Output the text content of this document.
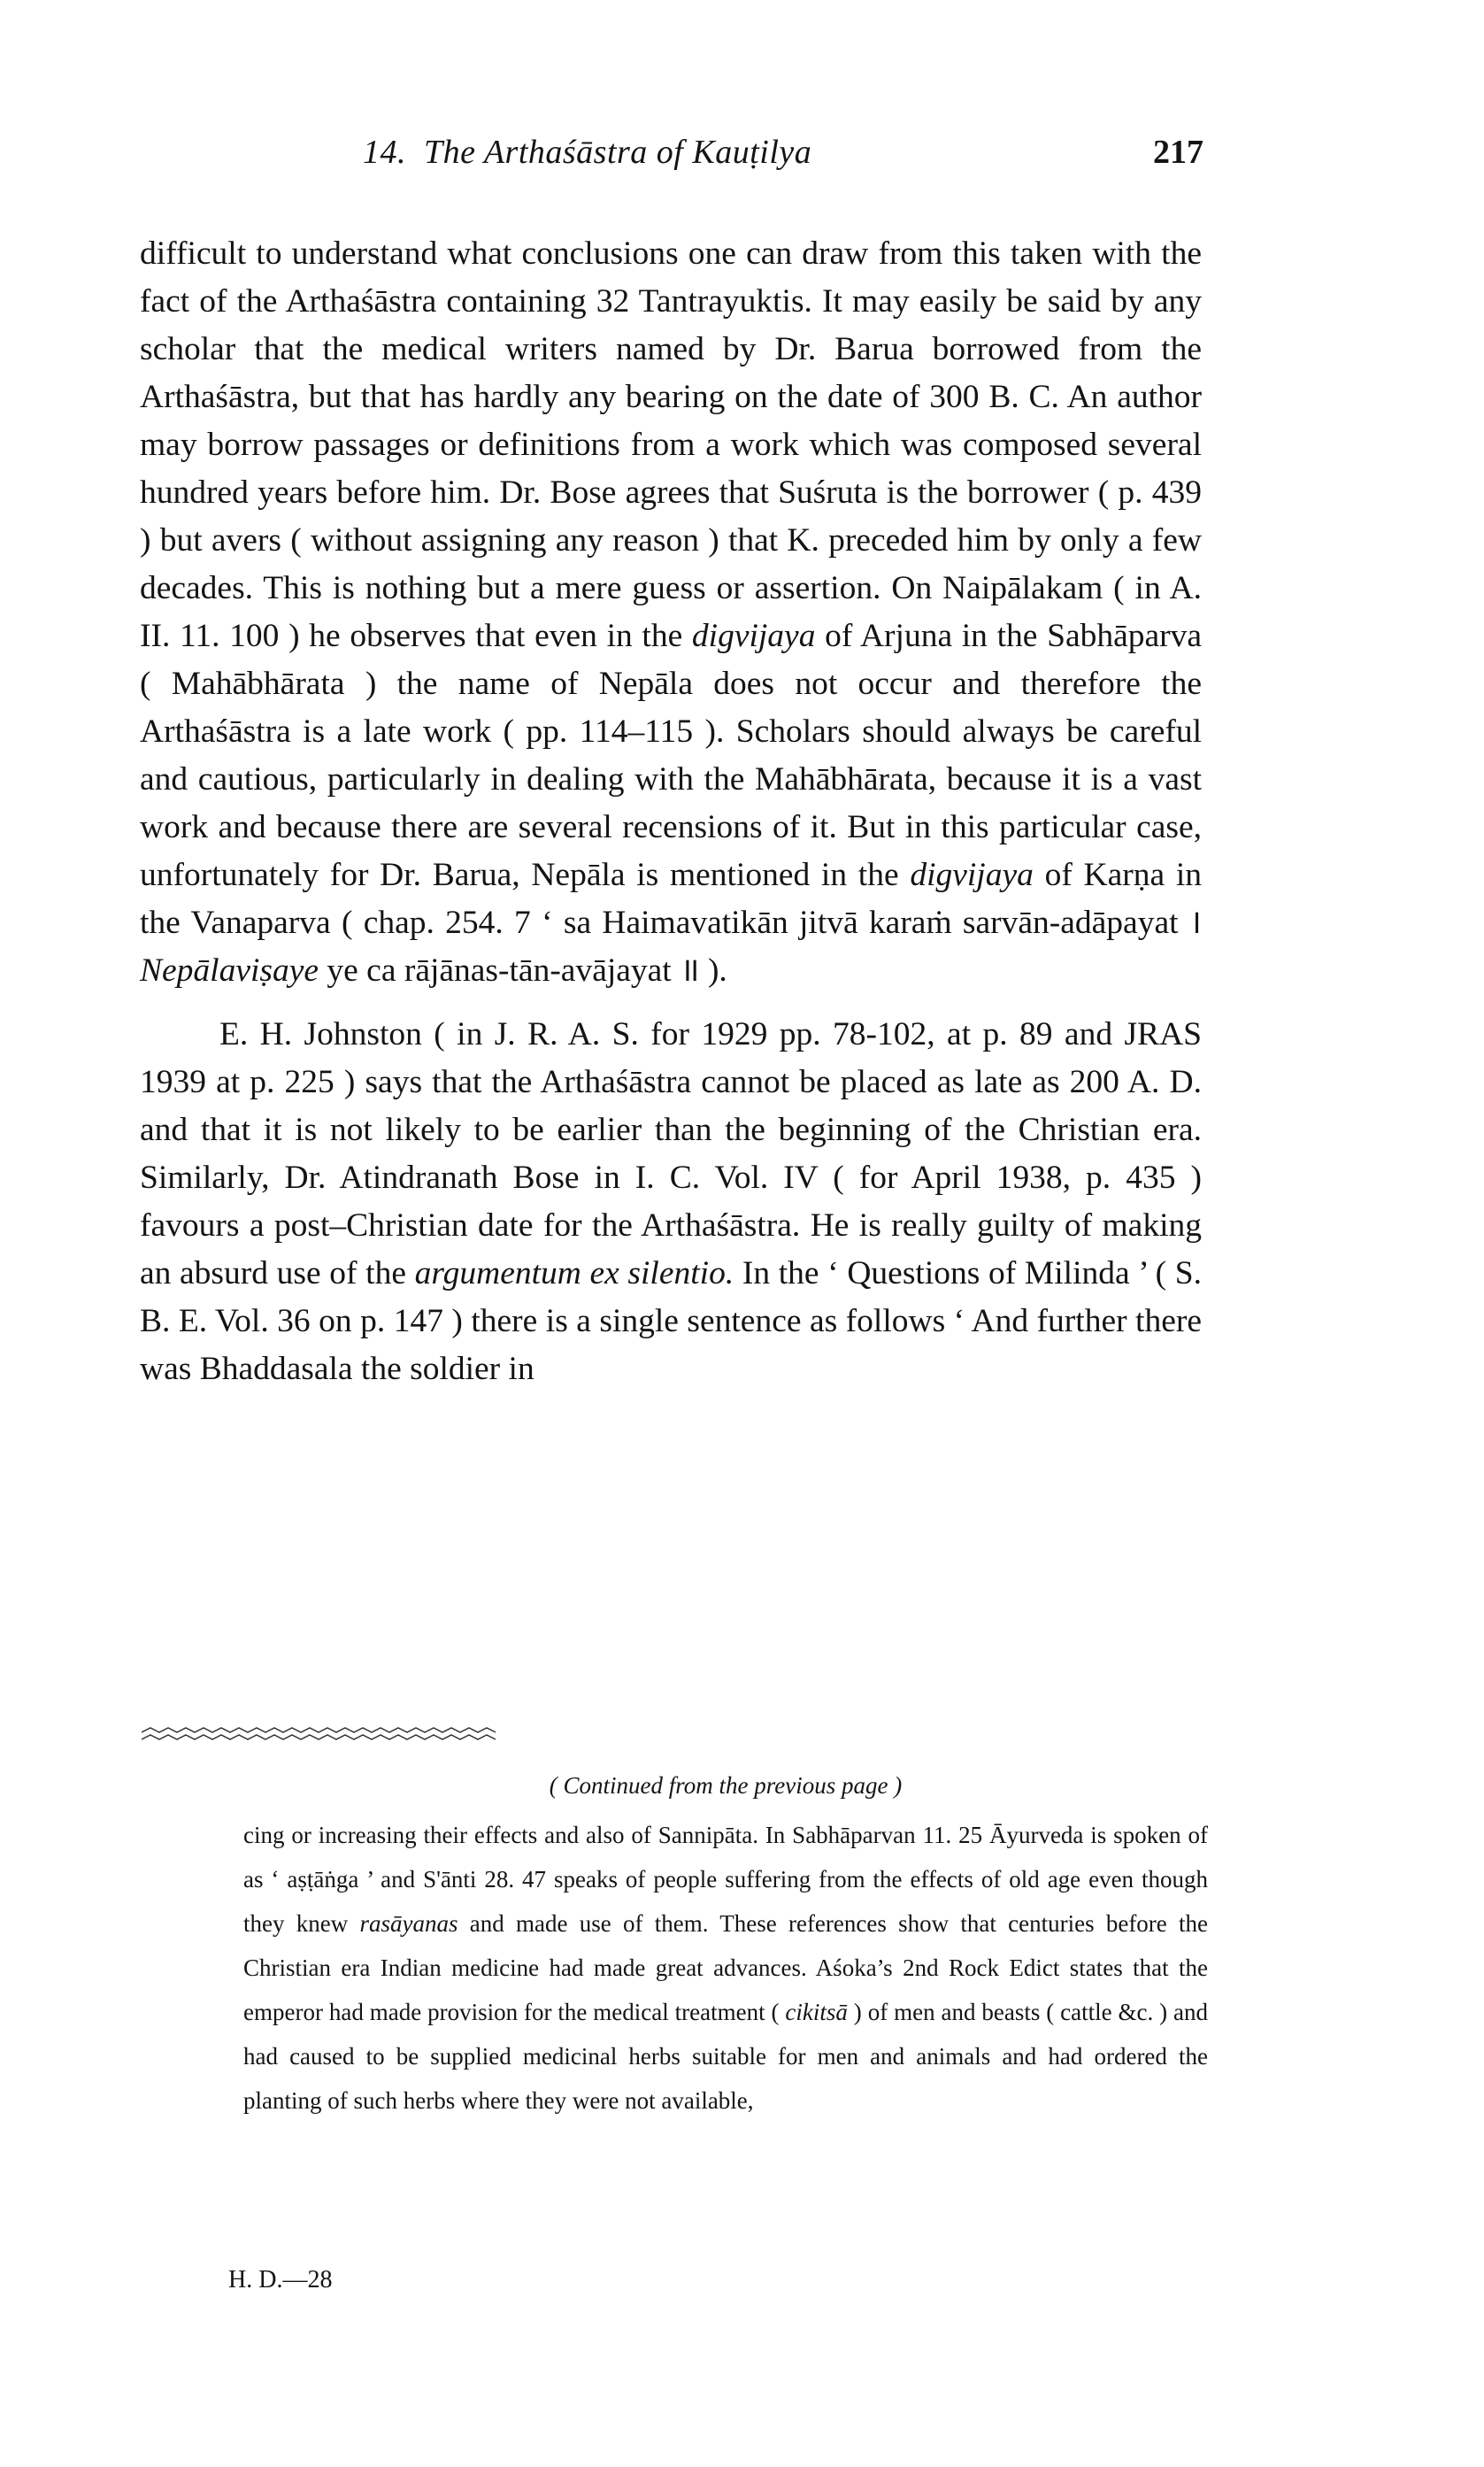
14. The Arthaśāstra of Kauṭilya	217

difficult to understand what conclusions one can draw from this taken with the fact of the Arthaśāstra containing 32 Tantrayuktis. It may easily be said by any scholar that the medical writers named by Dr. Barua borrowed from the Arthaśāstra, but that has hardly any bearing on the date of 300 B. C. An author may borrow passages or definitions from a work which was composed several hundred years before him. Dr. Bose agrees that Suśruta is the borrower ( p. 439 ) but avers ( without assigning any reason ) that K. preceded him by only a few decades. This is nothing but a mere guess or assertion. On Naipālakam ( in A. II. 11. 100 ) he observes that even in the digvijaya of Arjuna in the Sabhāparva ( Mahābhārata ) the name of Nepāla does not occur and therefore the Arthaśāstra is a late work ( pp. 114–115 ). Scholars should always be careful and cautious, particularly in dealing with the Mahābhārata, because it is a vast work and because there are several recensions of it. But in this particular case, unfortunately for Dr. Barua, Nepāla is mentioned in the digvijaya of Karṇa in the Vanaparva ( chap. 254. 7 ‘ sa Haimavatikān jitvā karaṁ sarvān-adāpayat । Nepālaviṣaye ye ca rājānas-tān-avājayat ॥ ).

E. H. Johnston ( in J. R. A. S. for 1929 pp. 78-102, at p. 89 and JRAS 1939 at p. 225 ) says that the Arthaśāstra cannot be placed as late as 200 A. D. and that it is not likely to be earlier than the beginning of the Christian era. Similarly, Dr. Atindranath Bose in I. C. Vol. IV ( for April 1938, p. 435 ) favours a post–Christian date for the Arthaśāstra. He is really guilty of making an absurd use of the argumentum ex silentio. In the ‘ Questions of Milinda ’ ( S. B. E. Vol. 36 on p. 147 ) there is a single sentence as follows ‘ And further there was Bhaddasala the soldier in

( Continued from the previous page )

cing or increasing their effects and also of Sannipāta. In Sabhāparvan 11. 25 Āyurveda is spoken of as ‘ aṣṭāṅga ’ and S'ānti 28. 47 speaks of people suffering from the effects of old age even though they knew rasāyanas and made use of them. These references show that centuries before the Christian era Indian medicine had made great advances. Aśoka’s 2nd Rock Edict states that the emperor had made provision for the medical treatment ( cikitsā ) of men and beasts ( cattle &c. ) and had caused to be supplied medicinal herbs suitable for men and animals and had ordered the planting of such herbs where they were not available,

H. D.—28
